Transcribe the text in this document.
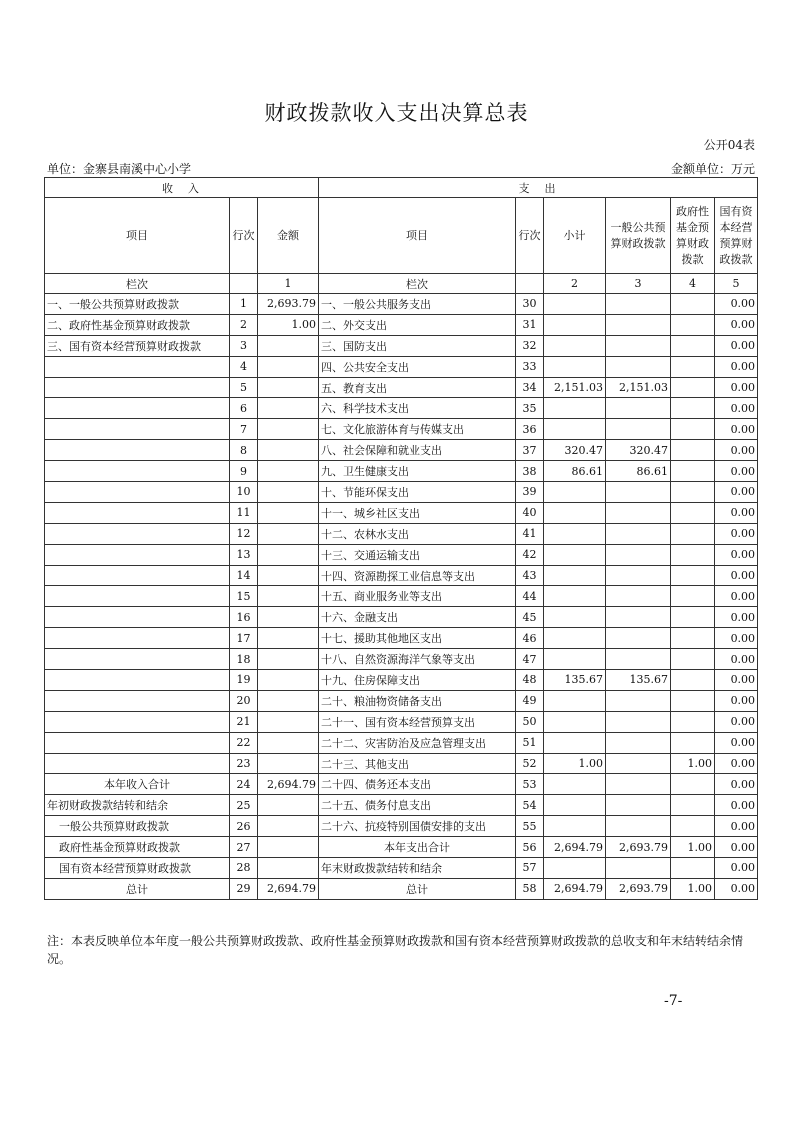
财政拨款收入支出决算总表
公开04表
单位：金寨县南溪中心小学	金额单位：万元
收　入			支　出					
项目	行次	金额	项目	行次	小计	一般公共预算财政拨款	政府性基金预算财政拨款	国有资本经营预算财政拨款
栏次		1	栏次		2	3	4	5
一、一般公共预算财政拨款	1	2,693.79	一、一般公共服务支出	30				0.00
二、政府性基金预算财政拨款	2	1.00	二、外交支出	31				0.00
三、国有资本经营预算财政拨款	3		三、国防支出	32				0.00
	4		四、公共安全支出	33				0.00
	5		五、教育支出	34	2,151.03	2,151.03		0.00
	6		六、科学技术支出	35				0.00
	7		七、文化旅游体育与传媒支出	36				0.00
	8		八、社会保障和就业支出	37	320.47	320.47		0.00
	9		九、卫生健康支出	38	86.61	86.61		0.00
	10		十、节能环保支出	39				0.00
	11		十一、城乡社区支出	40				0.00
	12		十二、农林水支出	41				0.00
	13		十三、交通运输支出	42				0.00
	14		十四、资源勘探工业信息等支出	43				0.00
	15		十五、商业服务业等支出	44				0.00
	16		十六、金融支出	45				0.00
	17		十七、援助其他地区支出	46				0.00
	18		十八、自然资源海洋气象等支出	47				0.00
	19		十九、住房保障支出	48	135.67	135.67		0.00
	20		二十、粮油物资储备支出	49				0.00
	21		二十一、国有资本经营预算支出	50				0.00
	22		二十二、灾害防治及应急管理支出	51				0.00
	23		二十三、其他支出	52	1.00		1.00	0.00
本年收入合计	24	2,694.79	二十四、债务还本支出	53				0.00
年初财政拨款结转和结余	25		二十五、债务付息支出	54				0.00
一般公共预算财政拨款	26		二十六、抗疫特别国债安排的支出	55				0.00
政府性基金预算财政拨款	27		本年支出合计	56	2,694.79	2,693.79	1.00	0.00
国有资本经营预算财政拨款	28		年末财政拨款结转和结余	57				0.00
总计	29	2,694.79	总计	58	2,694.79	2,693.79	1.00	0.00
注：本表反映单位本年度一般公共预算财政拨款、政府性基金预算财政拨款和国有资本经营预算财政拨款的总收支和年末结转结余情况。
-7-
